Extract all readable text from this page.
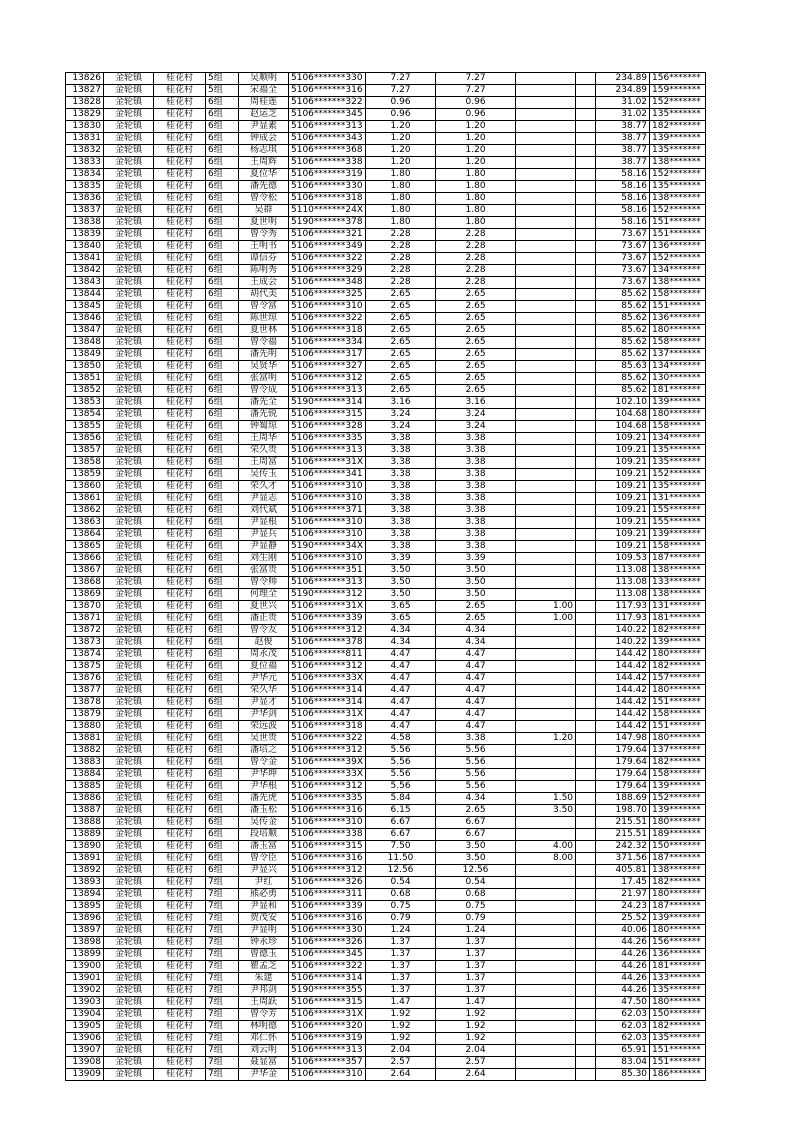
13826	金轮镇	桂花村	5组	吴顺明	5106*******330	7.27	7.27			234.89	156*******
13827	金轮镇	桂花村	5组	宋福全	5106*******316	7.27	7.27			234.89	159*******
13828	金轮镇	桂花村	6组	周桂莲	5106*******322	0.96	0.96			31.02	152*******
13829	金轮镇	桂花村	6组	赵运芝	5106*******345	0.96	0.96			31.02	135*******
13830	金轮镇	桂花村	6组	尹显素	5106*******313	1.20	1.20			38.77	182*******
13831	金轮镇	桂花村	6组	钟成会	5106*******343	1.20	1.20			38.77	139*******
13832	金轮镇	桂花村	6组	杨志琪	5106*******368	1.20	1.20			38.77	135*******
13833	金轮镇	桂花村	6组	王周辉	5106*******338	1.20	1.20			38.77	138*******
13834	金轮镇	桂花村	6组	夏位华	5106*******319	1.80	1.80			58.16	152*******
13835	金轮镇	桂花村	6组	潘先德	5106*******330	1.80	1.80			58.16	135*******
13836	金轮镇	桂花村	6组	曾令松	5106*******318	1.80	1.80			58.16	138*******
13837	金轮镇	桂花村	6组	吴群	5110*******24X	1.80	1.80			58.16	152*******
13838	金轮镇	桂花村	6组	夏世明	5190*******378	1.80	1.80			58.16	151*******
13839	金轮镇	桂花村	6组	曾令秀	5106*******321	2.28	2.28			73.67	151*******
13840	金轮镇	桂花村	6组	王明书	5106*******349	2.28	2.28			73.67	136*******
13841	金轮镇	桂花村	6组	谭信芬	5106*******322	2.28	2.28			73.67	152*******
13842	金轮镇	桂花村	6组	陈明秀	5106*******329	2.28	2.28			73.67	134*******
13843	金轮镇	桂花村	6组	王成会	5106*******348	2.28	2.28			73.67	138*******
13844	金轮镇	桂花村	6组	胡代美	5106*******325	2.65	2.65			85.62	158*******
13845	金轮镇	桂花村	6组	曾令富	5106*******310	2.65	2.65			85.62	151*******
13846	金轮镇	桂花村	6组	陈世琼	5106*******322	2.65	2.65			85.62	136*******
13847	金轮镇	桂花村	6组	夏世林	5106*******318	2.65	2.65			85.62	180*******
13848	金轮镇	桂花村	6组	曾令福	5106*******334	2.65	2.65			85.62	158*******
13849	金轮镇	桂花村	6组	潘先明	5106*******317	2.65	2.65			85.62	137*******
13850	金轮镇	桂花村	6组	吴贤华	5106*******327	2.65	2.65			85.63	134*******
13851	金轮镇	桂花村	6组	张富明	5106*******312	2.65	2.65			85.62	130*******
13852	金轮镇	桂花村	6组	曾令成	5106*******313	2.65	2.65			85.62	181*******
13853	金轮镇	桂花村	6组	潘先全	5190*******314	3.16	3.16			102.10	139*******
13854	金轮镇	桂花村	6组	潘先锐	5106*******315	3.24	3.24			104.68	180*******
13855	金轮镇	桂花村	6组	钟蜀琼	5106*******328	3.24	3.24			104.68	158*******
13856	金轮镇	桂花村	6组	王周华	5106*******335	3.38	3.38			109.21	134*******
13857	金轮镇	桂花村	6组	荣久贵	5106*******313	3.38	3.38			109.21	135*******
13858	金轮镇	桂花村	6组	王周富	5106*******31X	3.38	3.38			109.21	135*******
13859	金轮镇	桂花村	6组	吴传玉	5106*******341	3.38	3.38			109.21	152*******
13860	金轮镇	桂花村	6组	荣久才	5106*******310	3.38	3.38			109.21	135*******
13861	金轮镇	桂花村	6组	尹显志	5106*******310	3.38	3.38			109.21	131*******
13862	金轮镇	桂花村	6组	刘代斌	5106*******371	3.38	3.38			109.21	155*******
13863	金轮镇	桂花村	6组	尹显根	5106*******310	3.38	3.38			109.21	155*******
13864	金轮镇	桂花村	6组	尹显兵	5106*******310	3.38	3.38			109.21	139*******
13865	金轮镇	桂花村	6组	尹显静	5190*******34X	3.38	3.38			109.21	158*******
13866	金轮镇	桂花村	6组	刘生刚	5106*******310	3.39	3.39			109.53	187*******
13867	金轮镇	桂花村	6组	张富贵	5106*******351	3.50	3.50			113.08	138*******
13868	金轮镇	桂花村	6组	曾令帅	5106*******313	3.50	3.50			113.08	133*******
13869	金轮镇	桂花村	6组	何理全	5190*******312	3.50	3.50			113.08	138*******
13870	金轮镇	桂花村	6组	夏世兴	5106*******31X	3.65	2.65	1.00		117.93	131*******
13871	金轮镇	桂花村	6组	潘正贵	5106*******339	3.65	2.65	1.00		117.93	181*******
13872	金轮镇	桂花村	6组	曾令友	5106*******312	4.34	4.34			140.22	182*******
13873	金轮镇	桂花村	6组	赵俊	5106*******378	4.34	4.34			140.22	139*******
13874	金轮镇	桂花村	6组	周永茂	5106*******811	4.47	4.47			144.42	180*******
13875	金轮镇	桂花村	6组	夏位福	5106*******312	4.47	4.47			144.42	182*******
13876	金轮镇	桂花村	6组	尹华元	5106*******33X	4.47	4.47			144.42	157*******
13877	金轮镇	桂花村	6组	荣久华	5106*******314	4.47	4.47			144.42	180*******
13878	金轮镇	桂花村	6组	尹显才	5106*******314	4.47	4.47			144.42	151*******
13879	金轮镇	桂花村	6组	尹华剑	5106*******31X	4.47	4.47			144.42	158*******
13880	金轮镇	桂花村	6组	荣远波	5106*******318	4.47	4.47			144.42	151*******
13881	金轮镇	桂花村	6组	吴世贵	5106*******322	4.58	3.38	1.20		147.98	180*******
13882	金轮镇	桂花村	6组	潘培之	5106*******312	5.56	5.56			179.64	137*******
13883	金轮镇	桂花村	6组	曾令金	5106*******39X	5.56	5.56			179.64	182*******
13884	金轮镇	桂花村	6组	尹华坤	5106*******33X	5.56	5.56			179.64	158*******
13885	金轮镇	桂花村	6组	尹华根	5106*******312	5.56	5.56			179.64	139*******
13886	金轮镇	桂花村	6组	潘先虎	5106*******335	5.84	4.34	1.50		188.69	152*******
13887	金轮镇	桂花村	6组	潘玉松	5106*******316	6.15	2.65	3.50		198.70	139*******
13888	金轮镇	桂花村	6组	吴传金	5106*******310	6.67	6.67			215.51	180*******
13889	金轮镇	桂花村	6组	段培顺	5106*******338	6.67	6.67			215.51	189*******
13890	金轮镇	桂花村	6组	潘玉富	5106*******315	7.50	3.50	4.00		242.32	150*******
13891	金轮镇	桂花村	6组	曾令臣	5106*******316	11.50	3.50	8.00		371.56	187*******
13892	金轮镇	桂花村	6组	尹显兴	5106*******312	12.56	12.56			405.81	138*******
13893	金轮镇	桂花村	7组	尹红	5106*******326	0.54	0.54			17.45	182*******
13894	金轮镇	桂花村	7组	熊必勇	5106*******311	0.68	0.68			21.97	180*******
13895	金轮镇	桂花村	7组	尹显和	5106*******339	0.75	0.75			24.23	187*******
13896	金轮镇	桂花村	7组	贺茂安	5106*******316	0.79	0.79			25.52	139*******
13897	金轮镇	桂花村	7组	尹显明	5106*******330	1.24	1.24			40.06	180*******
13898	金轮镇	桂花村	7组	钟永珍	5106*******326	1.37	1.37			44.26	156*******
13899	金轮镇	桂花村	7组	曾德玉	5106*******345	1.37	1.37			44.26	136*******
13900	金轮镇	桂花村	7组	瞿孟芝	5106*******322	1.37	1.37			44.26	181*******
13901	金轮镇	桂花村	7组	朱建	5106*******314	1.37	1.37			44.26	133*******
13902	金轮镇	桂花村	7组	尹邦剑	5190*******355	1.37	1.37			44.26	135*******
13903	金轮镇	桂花村	7组	王周跃	5106*******315	1.47	1.47			47.50	180*******
13904	金轮镇	桂花村	7组	曾令芳	5106*******31X	1.92	1.92			62.03	150*******
13905	金轮镇	桂花村	7组	林明德	5106*******320	1.92	1.92			62.03	182*******
13906	金轮镇	桂花村	7组	邓仁怀	5106*******319	1.92	1.92			62.03	135*******
13907	金轮镇	桂花村	7组	刘云明	5106*******313	2.04	2.04			65.91	151*******
13908	金轮镇	桂花村	7组	聂显富	5106*******357	2.57	2.57			83.04	151*******
13909	金轮镇	桂花村	7组	尹华金	5106*******310	2.64	2.64			85.30	186*******
